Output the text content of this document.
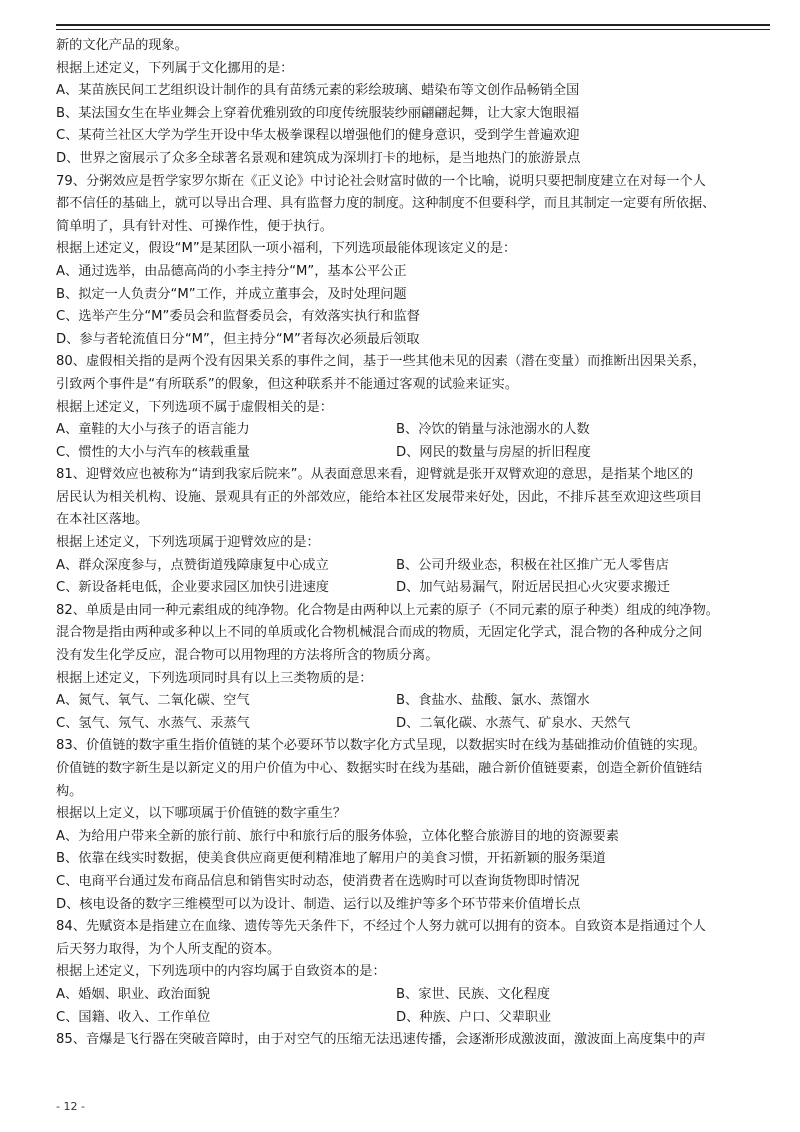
新的文化产品的现象。
根据上述定义，下列属于文化挪用的是：
A、某苗族民间工艺组织设计制作的具有苗绣元素的彩绘玻璃、蜡染布等文创作品畅销全国
B、某法国女生在毕业舞会上穿着优雅别致的印度传统服装纱丽翩翩起舞，让大家大饱眼福
C、某荷兰社区大学为学生开设中华太极拳课程以增强他们的健身意识，受到学生普遍欢迎
D、世界之窗展示了众多全球著名景观和建筑成为深圳打卡的地标，是当地热门的旅游景点
79、分粥效应是哲学家罗尔斯在《正义论》中讨论社会财富时做的一个比喻，说明只要把制度建立在对每一个人
都不信任的基础上，就可以导出合理、具有监督力度的制度。这种制度不但要科学，而且其制定一定要有所依据、
简单明了，具有针对性、可操作性，便于执行。
根据上述定义，假设“M”是某团队一项小福利，下列选项最能体现该定义的是：
A、通过选举，由品德高尚的小李主持分“M”，基本公平公正
B、拟定一人负责分“M”工作，并成立董事会，及时处理问题
C、选举产生分“M”委员会和监督委员会，有效落实执行和监督
D、参与者轮流值日分“M”，但主持分“M”者每次必须最后领取
80、虚假相关指的是两个没有因果关系的事件之间，基于一些其他未见的因素（潜在变量）而推断出因果关系，
引致两个事件是“有所联系”的假象，但这种联系并不能通过客观的试验来证实。
根据上述定义，下列选项不属于虚假相关的是：
A、童鞋的大小与孩子的语言能力	B、冷饮的销量与泳池溺水的人数
C、惯性的大小与汽车的核载重量	D、网民的数量与房屋的折旧程度
81、迎臂效应也被称为“请到我家后院来”。从表面意思来看，迎臂就是张开双臂欢迎的意思，是指某个地区的
居民认为相关机构、设施、景观具有正的外部效应，能给本社区发展带来好处，因此，不排斥甚至欢迎这些项目
在本社区落地。
根据上述定义，下列选项属于迎臂效应的是：
A、群众深度参与，点赞街道残障康复中心成立	B、公司升级业态，积极在社区推广无人零售店
C、新设备耗电低，企业要求园区加快引进速度	D、加气站易漏气，附近居民担心火灾要求搬迁
82、单质是由同一种元素组成的纯净物。化合物是由两种以上元素的原子（不同元素的原子种类）组成的纯净物。
混合物是指由两种或多种以上不同的单质或化合物机械混合而成的物质，无固定化学式，混合物的各种成分之间
没有发生化学反应，混合物可以用物理的方法将所含的物质分离。
根据上述定义，下列选项同时具有以上三类物质的是：
A、氮气、氧气、二氧化碳、空气	B、食盐水、盐酸、氯水、蒸馏水
C、氢气、氖气、水蒸气、汞蒸气	D、二氧化碳、水蒸气、矿泉水、天然气
83、价值链的数字重生指价值链的某个必要环节以数字化方式呈现，以数据实时在线为基础推动价值链的实现。
价值链的数字新生是以新定义的用户价值为中心、数据实时在线为基础，融合新价值链要素，创造全新价值链结
构。
根据以上定义，以下哪项属于价值链的数字重生？
A、为给用户带来全新的旅行前、旅行中和旅行后的服务体验，立体化整合旅游目的地的资源要素
B、依靠在线实时数据，使美食供应商更便利精准地了解用户的美食习惯，开拓新颖的服务渠道
C、电商平台通过发布商品信息和销售实时动态，使消费者在选购时可以查询货物即时情况
D、核电设备的数字三维模型可以为设计、制造、运行以及维护等多个环节带来价值增长点
84、先赋资本是指建立在血缘、遗传等先天条件下，不经过个人努力就可以拥有的资本。自致资本是指通过个人
后天努力取得，为个人所支配的资本。
根据上述定义，下列选项中的内容均属于自致资本的是：
A、婚姻、职业、政治面貌	B、家世、民族、文化程度
C、国籍、收入、工作单位	D、种族、户口、父辈职业
85、音爆是飞行器在突破音障时，由于对空气的压缩无法迅速传播，会逐渐形成激波面，激波面上高度集中的声
- 12 -
